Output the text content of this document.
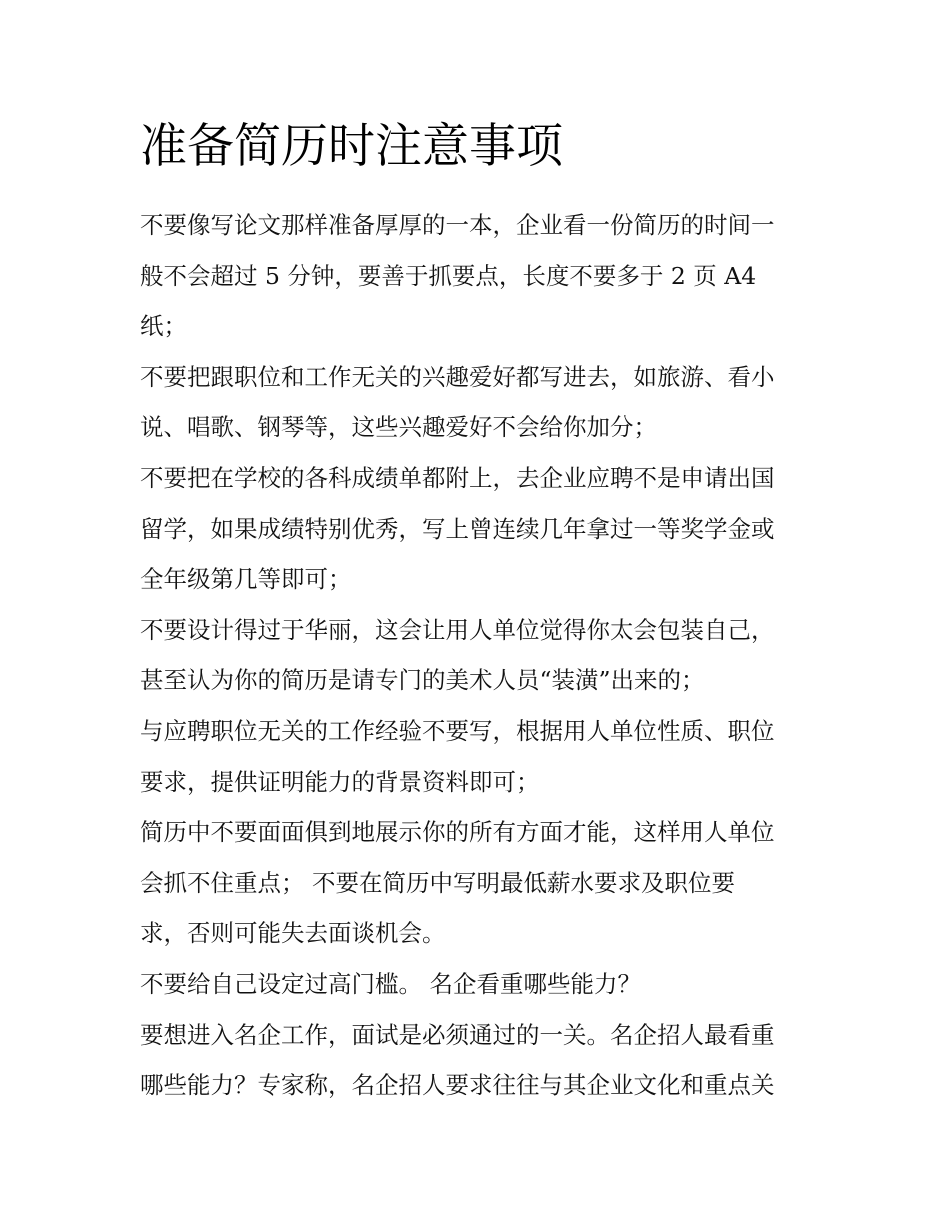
准备简历时注意事项

不要像写论文那样准备厚厚的一本，企业看一份简历的时间一

般不会超过 5 分钟，要善于抓要点，长度不要多于 2 页 A4

纸；

不要把跟职位和工作无关的兴趣爱好都写进去，如旅游、看小

说、唱歌、钢琴等，这些兴趣爱好不会给你加分；

不要把在学校的各科成绩单都附上，去企业应聘不是申请出国

留学，如果成绩特别优秀，写上曾连续几年拿过一等奖学金或

全年级第几等即可；

不要设计得过于华丽，这会让用人单位觉得你太会包装自己，

甚至认为你的简历是请专门的美术人员“装潢”出来的；

与应聘职位无关的工作经验不要写，根据用人单位性质、职位

要求，提供证明能力的背景资料即可；

简历中不要面面俱到地展示你的所有方面才能，这样用人单位

会抓不住重点； 不要在简历中写明最低薪水要求及职位要

求，否则可能失去面谈机会。

不要给自己设定过高门槛。 名企看重哪些能力？

要想进入名企工作，面试是必须通过的一关。名企招人最看重

哪些能力？专家称，名企招人要求往往与其企业文化和重点关
